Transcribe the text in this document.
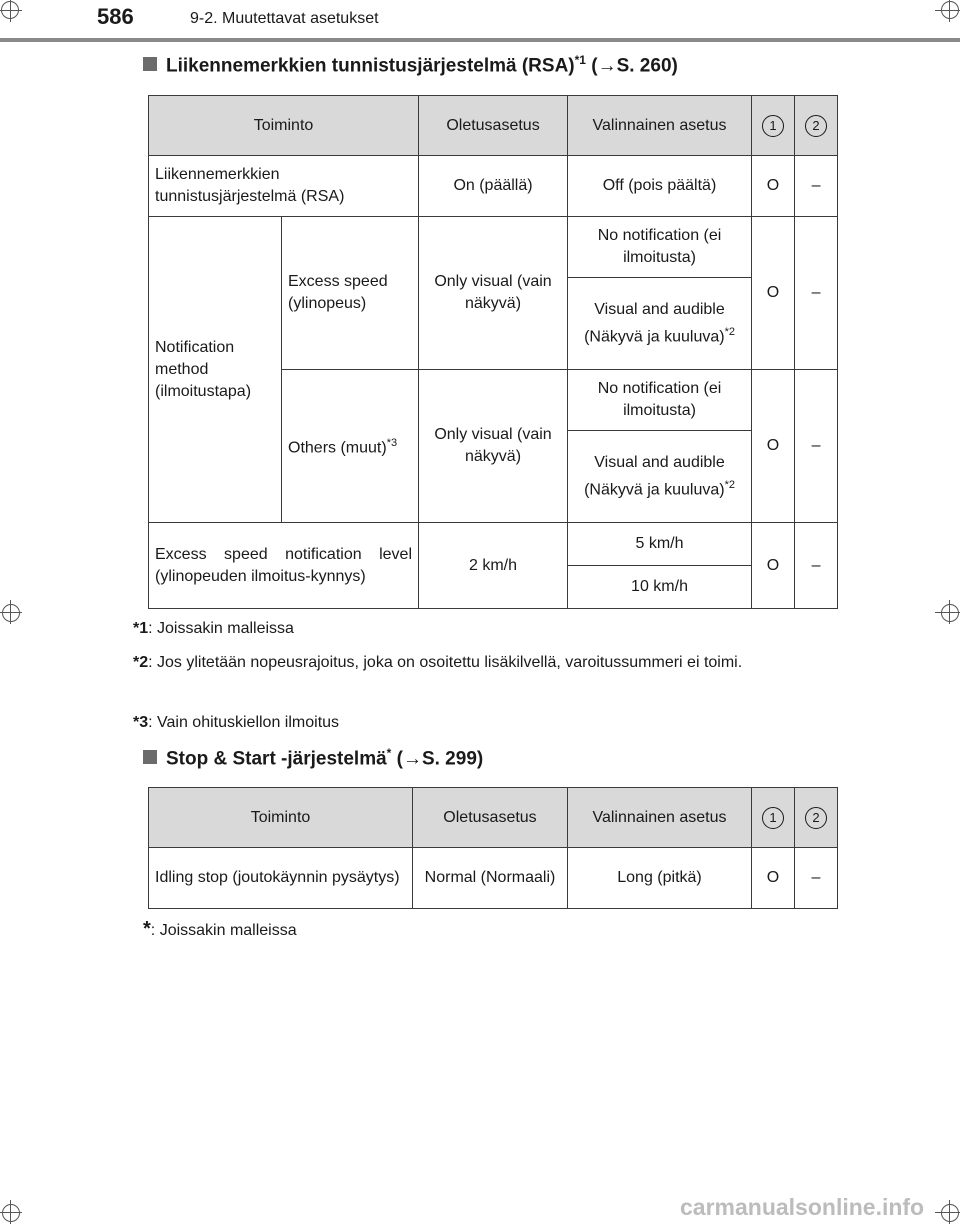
586	9-2. Muutettavat asetukset
Liikennemerkkien tunnistusjärjestelmä (RSA)$^{*1}$ (→S. 260)
Toiminto		Oletusasetus	Valinnainen asetus	1	2
Liikennemerkkien tunnistusjärjestelmä (RSA)		On (päällä)	Off (pois päältä)	O	–
Notification method (ilmoitustapa)	Excess speed (ylinopeus)	Only visual (vain näkyvä)	No notification (ei ilmoitusta)	O	–
			Visual and audible (Näkyvä ja kuuluva)$^{*2}$
	Others (muut)$^{*3}$	Only visual (vain näkyvä)	No notification (ei ilmoitusta)	O	–
			Visual and audible (Näkyvä ja kuuluva)$^{*2}$
Excess speed notification level (ylinopeuden ilmoitus-kynnys)		2 km/h	5 km/h	O	–
			10 km/h		
*1: Joissakin malleissa
*2: Jos ylitetään nopeusrajoitus, joka on osoitettu lisäkilvellä, varoitussummeri ei toimi.
*3: Vain ohituskiellon ilmoitus
Stop & Start -järjestelmä* (→S. 299)
Toiminto	Oletusasetus	Valinnainen asetus	1	2
Idling stop (joutokäynnin pysäytys)	Normal (Normaali)	Long (pitkä)	O	–
*: Joissakin malleissa
carmanualsonline.info
